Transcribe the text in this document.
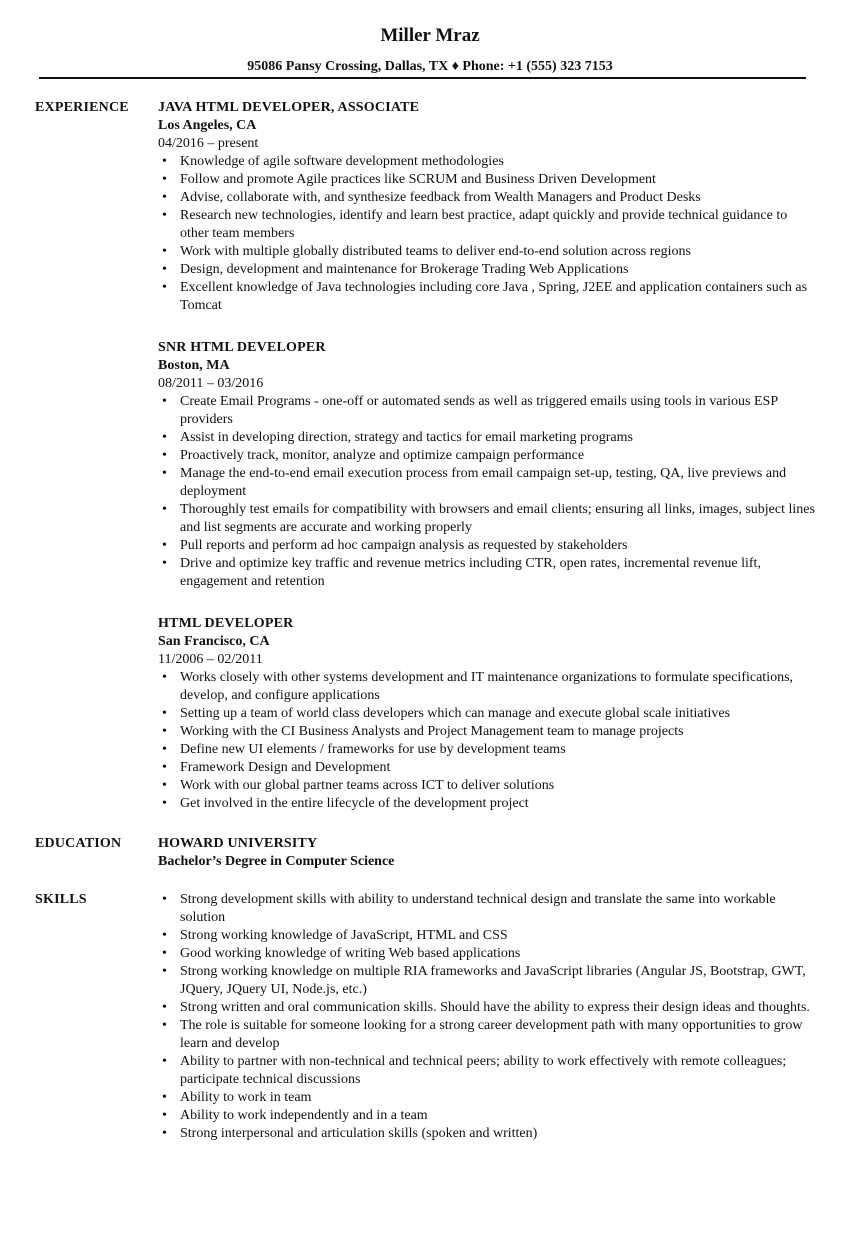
Miller Mraz
95086 Pansy Crossing, Dallas, TX ♦ Phone: +1 (555) 323 7153
EXPERIENCE JAVA HTML DEVELOPER, ASSOCIATE
Los Angeles, CA
04/2016 – present
• Knowledge of agile software development methodologies
• Follow and promote Agile practices like SCRUM and Business Driven Development
• Advise, collaborate with, and synthesize feedback from Wealth Managers and Product Desks
• Research new technologies, identify and learn best practice, adapt quickly and provide technical guidance to other team members
• Work with multiple globally distributed teams to deliver end-to-end solution across regions
• Design, development and maintenance for Brokerage Trading Web Applications
• Excellent knowledge of Java technologies including core Java , Spring, J2EE and application containers such as Tomcat
SNR HTML DEVELOPER
Boston, MA
08/2011 – 03/2016
• Create Email Programs - one-off or automated sends as well as triggered emails using tools in various ESP providers
• Assist in developing direction, strategy and tactics for email marketing programs
• Proactively track, monitor, analyze and optimize campaign performance
• Manage the end-to-end email execution process from email campaign set-up, testing, QA, live previews and deployment
• Thoroughly test emails for compatibility with browsers and email clients; ensuring all links, images, subject lines and list segments are accurate and working properly
• Pull reports and perform ad hoc campaign analysis as requested by stakeholders
• Drive and optimize key traffic and revenue metrics including CTR, open rates, incremental revenue lift, engagement and retention
HTML DEVELOPER
San Francisco, CA
11/2006 – 02/2011
• Works closely with other systems development and IT maintenance organizations to formulate specifications, develop, and configure applications
• Setting up a team of world class developers which can manage and execute global scale initiatives
• Working with the CI Business Analysts and Project Management team to manage projects
• Define new UI elements / frameworks for use by development teams
• Framework Design and Development
• Work with our global partner teams across ICT to deliver solutions
• Get involved in the entire lifecycle of the development project
EDUCATION	HOWARD UNIVERSITY
Bachelor’s Degree in Computer Science
SKILLS
•	Strong development skills with ability to understand technical design and translate the same into workable solution
• Strong working knowledge of JavaScript, HTML and CSS
• Good working knowledge of writing Web based applications
• Strong working knowledge on multiple RIA frameworks and JavaScript libraries (Angular JS, Bootstrap, GWT, JQuery, JQuery UI, Node.js, etc.)
• Strong written and oral communication skills. Should have the ability to express their design ideas and thoughts.
• The role is suitable for someone looking for a strong career development path with many opportunities to grow learn and develop
• Ability to partner with non-technical and technical peers; ability to work effectively with remote colleagues; participate technical discussions
• Ability to work in team
• Ability to work independently and in a team
• Strong interpersonal and articulation skills (spoken and written)
